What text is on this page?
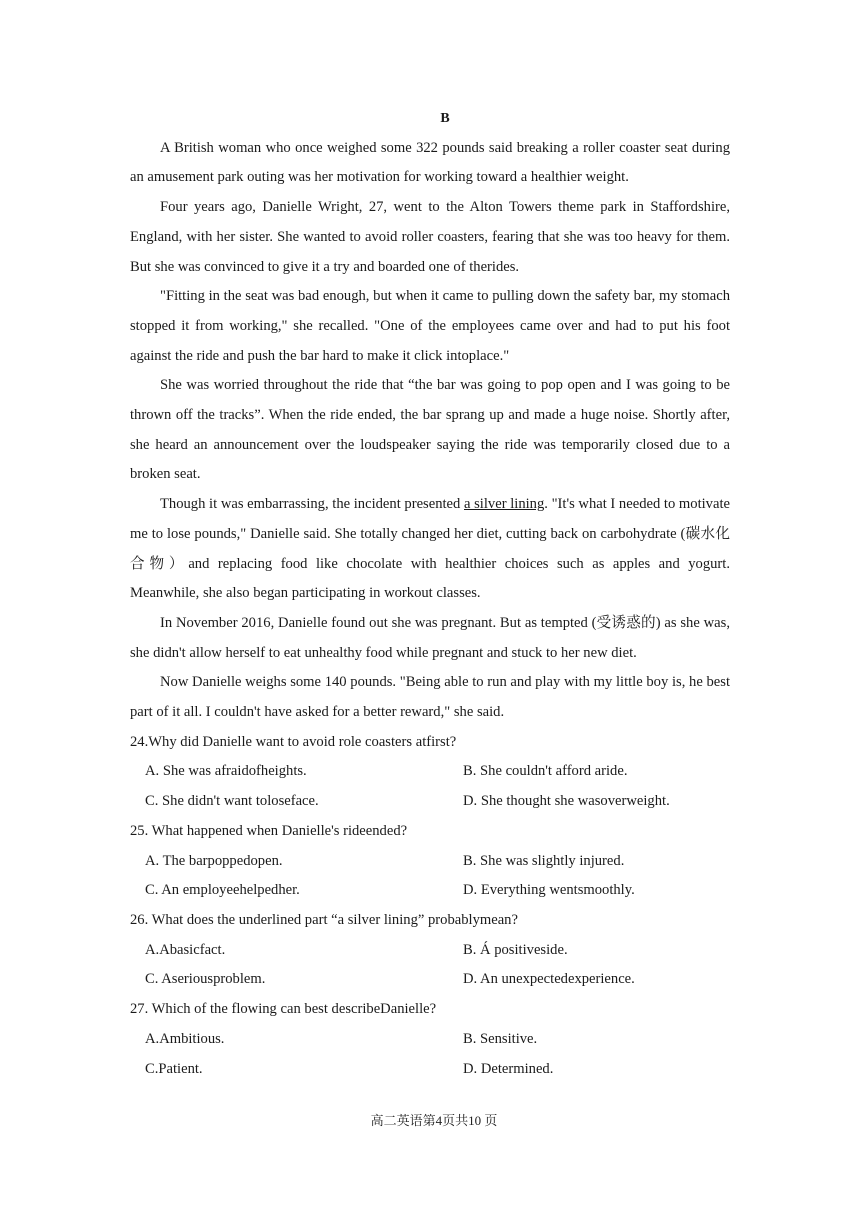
B

A British woman who once weighed some 322 pounds said breaking a roller coaster seat during an amusement park outing was her motivation for working toward a healthier weight.

Four years ago, Danielle Wright, 27, went to the Alton Towers theme park in Staffordshire, England, with her sister. She wanted to avoid roller coasters, fearing that she was too heavy for them. But she was convinced to give it a try and boarded one of therides.

"Fitting in the seat was bad enough, but when it came to pulling down the safety bar, my stomach stopped it from working," she recalled. "One of the employees came over and had to put his foot against the ride and push the bar hard to make it click intoplace."

She was worried throughout the ride that “the bar was going to pop open and I was going to be thrown off the tracks”. When the ride ended, the bar sprang up and made a huge noise. Shortly after, she heard an announcement over the loudspeaker saying the ride was temporarily closed due to a broken seat.

Though it was embarrassing, the incident presented a silver lining. "It's what I needed to motivate me to lose pounds," Danielle said. She totally changed her diet, cutting back on carbohydrate (碳水化合物）and replacing food like chocolate with healthier choices such as apples and yogurt. Meanwhile, she also began participating in workout classes.

In November 2016, Danielle found out she was pregnant. But as tempted (受诱惑的) as she was, she didn't allow herself to eat unhealthy food while pregnant and stuck to her new diet.

Now Danielle weighs some 140 pounds. "Being able to run and play with my little boy is, he best part of it all. I couldn't have asked for a better reward," she said.

24.Why did Danielle want to avoid role coasters atfirst?

A. She was afraidofheights.	B. She couldn't afford aride.
C. She didn't want toloseface.	D. She thought she wasoverweight.

25. What happened when Danielle's rideended?

A. The barpoppedopen.	B. She was slightly injured.
C. An employeehelpedher.	D. Everything wentsmoothly.

26. What does the underlined part “a silver lining” probablymean?

A.Abasicfact.	B. Á positiveside.
C. Aseriousproblem.	D. An unexpectedexperience.

27. Which of the flowing can best describeDanielle?

A.Ambitious.	B. Sensitive.
C.Patient.	D. Determined.
高二英语第4页共10 页
